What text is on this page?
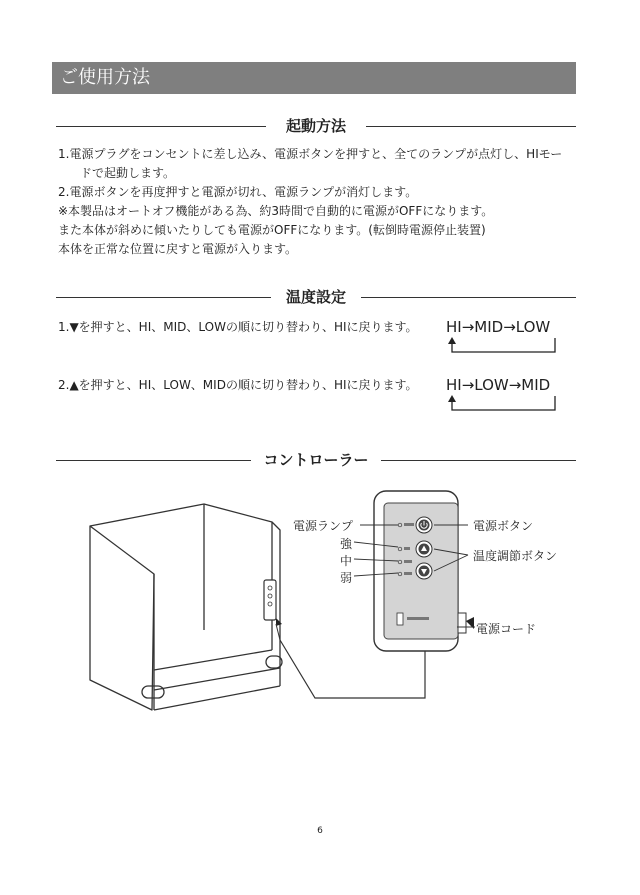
ご使用方法
起動方法
1.電源プラグをコンセントに差し込み、電源ボタンを押すと、全てのランプが点灯し、HIモー
ドで起動します。
2.電源ボタンを再度押すと電源が切れ、電源ランプが消灯します。
※本製品はオートオフ機能がある為、約3時間で自動的に電源がOFFになります。
また本体が斜めに傾いたりしても電源がOFFになります。(転倒時電源停止装置)
本体を正常な位置に戻すと電源が入ります。
温度設定
1.▼を押すと、HI、MID、LOWの順に切り替わり、HIに戻ります。	HI→MID→LOW
2.▲を押すと、HI、LOW、MIDの順に切り替わり、HIに戻ります。	HI→LOW→MID
コントローラー
電源ランプ
強
中
弱
電源ボタン
温度調節ボタン
電源コード
6
